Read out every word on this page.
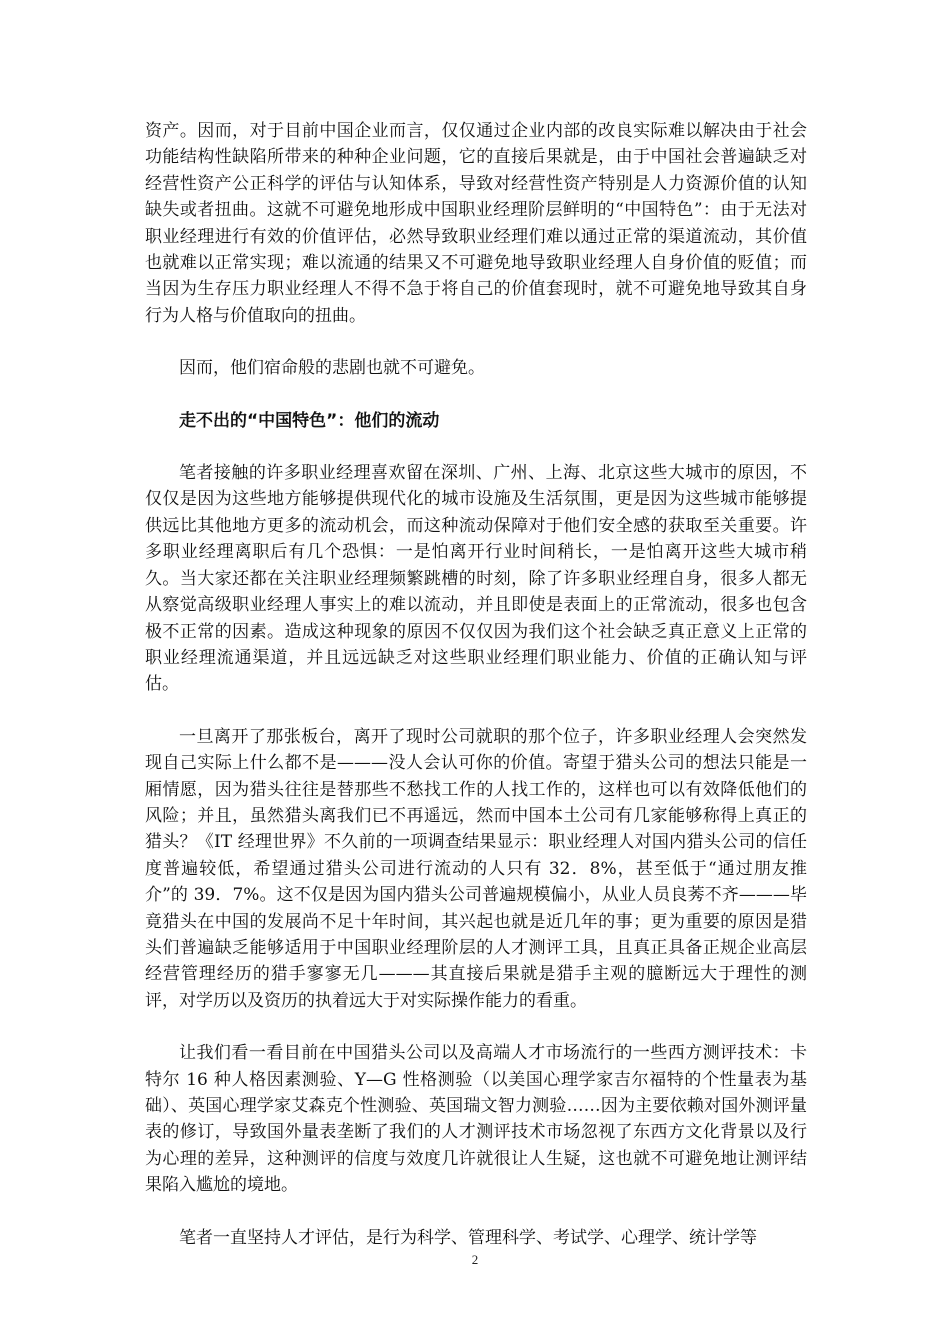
资产。因而，对于目前中国企业而言，仅仅通过企业内部的改良实际难以解决由于社会功能结构性缺陷所带来的种种企业问题，它的直接后果就是，由于中国社会普遍缺乏对经营性资产公正科学的评估与认知体系，导致对经营性资产特别是人力资源价值的认知缺失或者扭曲。这就不可避免地形成中国职业经理阶层鲜明的“中国特色”：由于无法对职业经理进行有效的价值评估，必然导致职业经理们难以通过正常的渠道流动，其价值也就难以正常实现；难以流通的结果又不可避免地导致职业经理人自身价值的贬值；而当因为生存压力职业经理人不得不急于将自己的价值套现时，就不可避免地导致其自身行为人格与价值取向的扭曲。

因而，他们宿命般的悲剧也就不可避免。

走不出的“中国特色”：他们的流动

笔者接触的许多职业经理喜欢留在深圳、广州、上海、北京这些大城市的原因，不仅仅是因为这些地方能够提供现代化的城市设施及生活氛围，更是因为这些城市能够提供远比其他地方更多的流动机会，而这种流动保障对于他们安全感的获取至关重要。许多职业经理离职后有几个恐惧：一是怕离开行业时间稍长，一是怕离开这些大城市稍久。当大家还都在关注职业经理频繁跳槽的时刻，除了许多职业经理自身，很多人都无从察觉高级职业经理人事实上的难以流动，并且即使是表面上的正常流动，很多也包含极不正常的因素。造成这种现象的原因不仅仅因为我们这个社会缺乏真正意义上正常的职业经理流通渠道，并且远远缺乏对这些职业经理们职业能力、价值的正确认知与评估。

一旦离开了那张板台，离开了现时公司就职的那个位子，许多职业经理人会突然发现自己实际上什么都不是———没人会认可你的价值。寄望于猎头公司的想法只能是一厢情愿，因为猎头往往是替那些不愁找工作的人找工作的，这样也可以有效降低他们的风险；并且，虽然猎头离我们已不再遥远，然而中国本土公司有几家能够称得上真正的猎头？《IT 经理世界》不久前的一项调查结果显示：职业经理人对国内猎头公司的信任度普遍较低，希望通过猎头公司进行流动的人只有 32．8%，甚至低于“通过朋友推介”的 39．7%。这不仅是因为国内猎头公司普遍规模偏小，从业人员良莠不齐———毕竟猎头在中国的发展尚不足十年时间，其兴起也就是近几年的事；更为重要的原因是猎头们普遍缺乏能够适用于中国职业经理阶层的人才测评工具，且真正具备正规企业高层经营管理经历的猎手寥寥无几———其直接后果就是猎手主观的臆断远大于理性的测评，对学历以及资历的执着远大于对实际操作能力的看重。

让我们看一看目前在中国猎头公司以及高端人才市场流行的一些西方测评技术：卡特尔 16 种人格因素测验、Y—G 性格测验（以美国心理学家吉尔福特的个性量表为基础）、英国心理学家艾森克个性测验、英国瑞文智力测验……因为主要依赖对国外测评量表的修订，导致国外量表垄断了我们的人才测评技术市场忽视了东西方文化背景以及行为心理的差异，这种测评的信度与效度几许就很让人生疑，这也就不可避免地让测评结果陷入尴尬的境地。

笔者一直坚持人才评估，是行为科学、管理科学、考试学、心理学、统计学等

2
